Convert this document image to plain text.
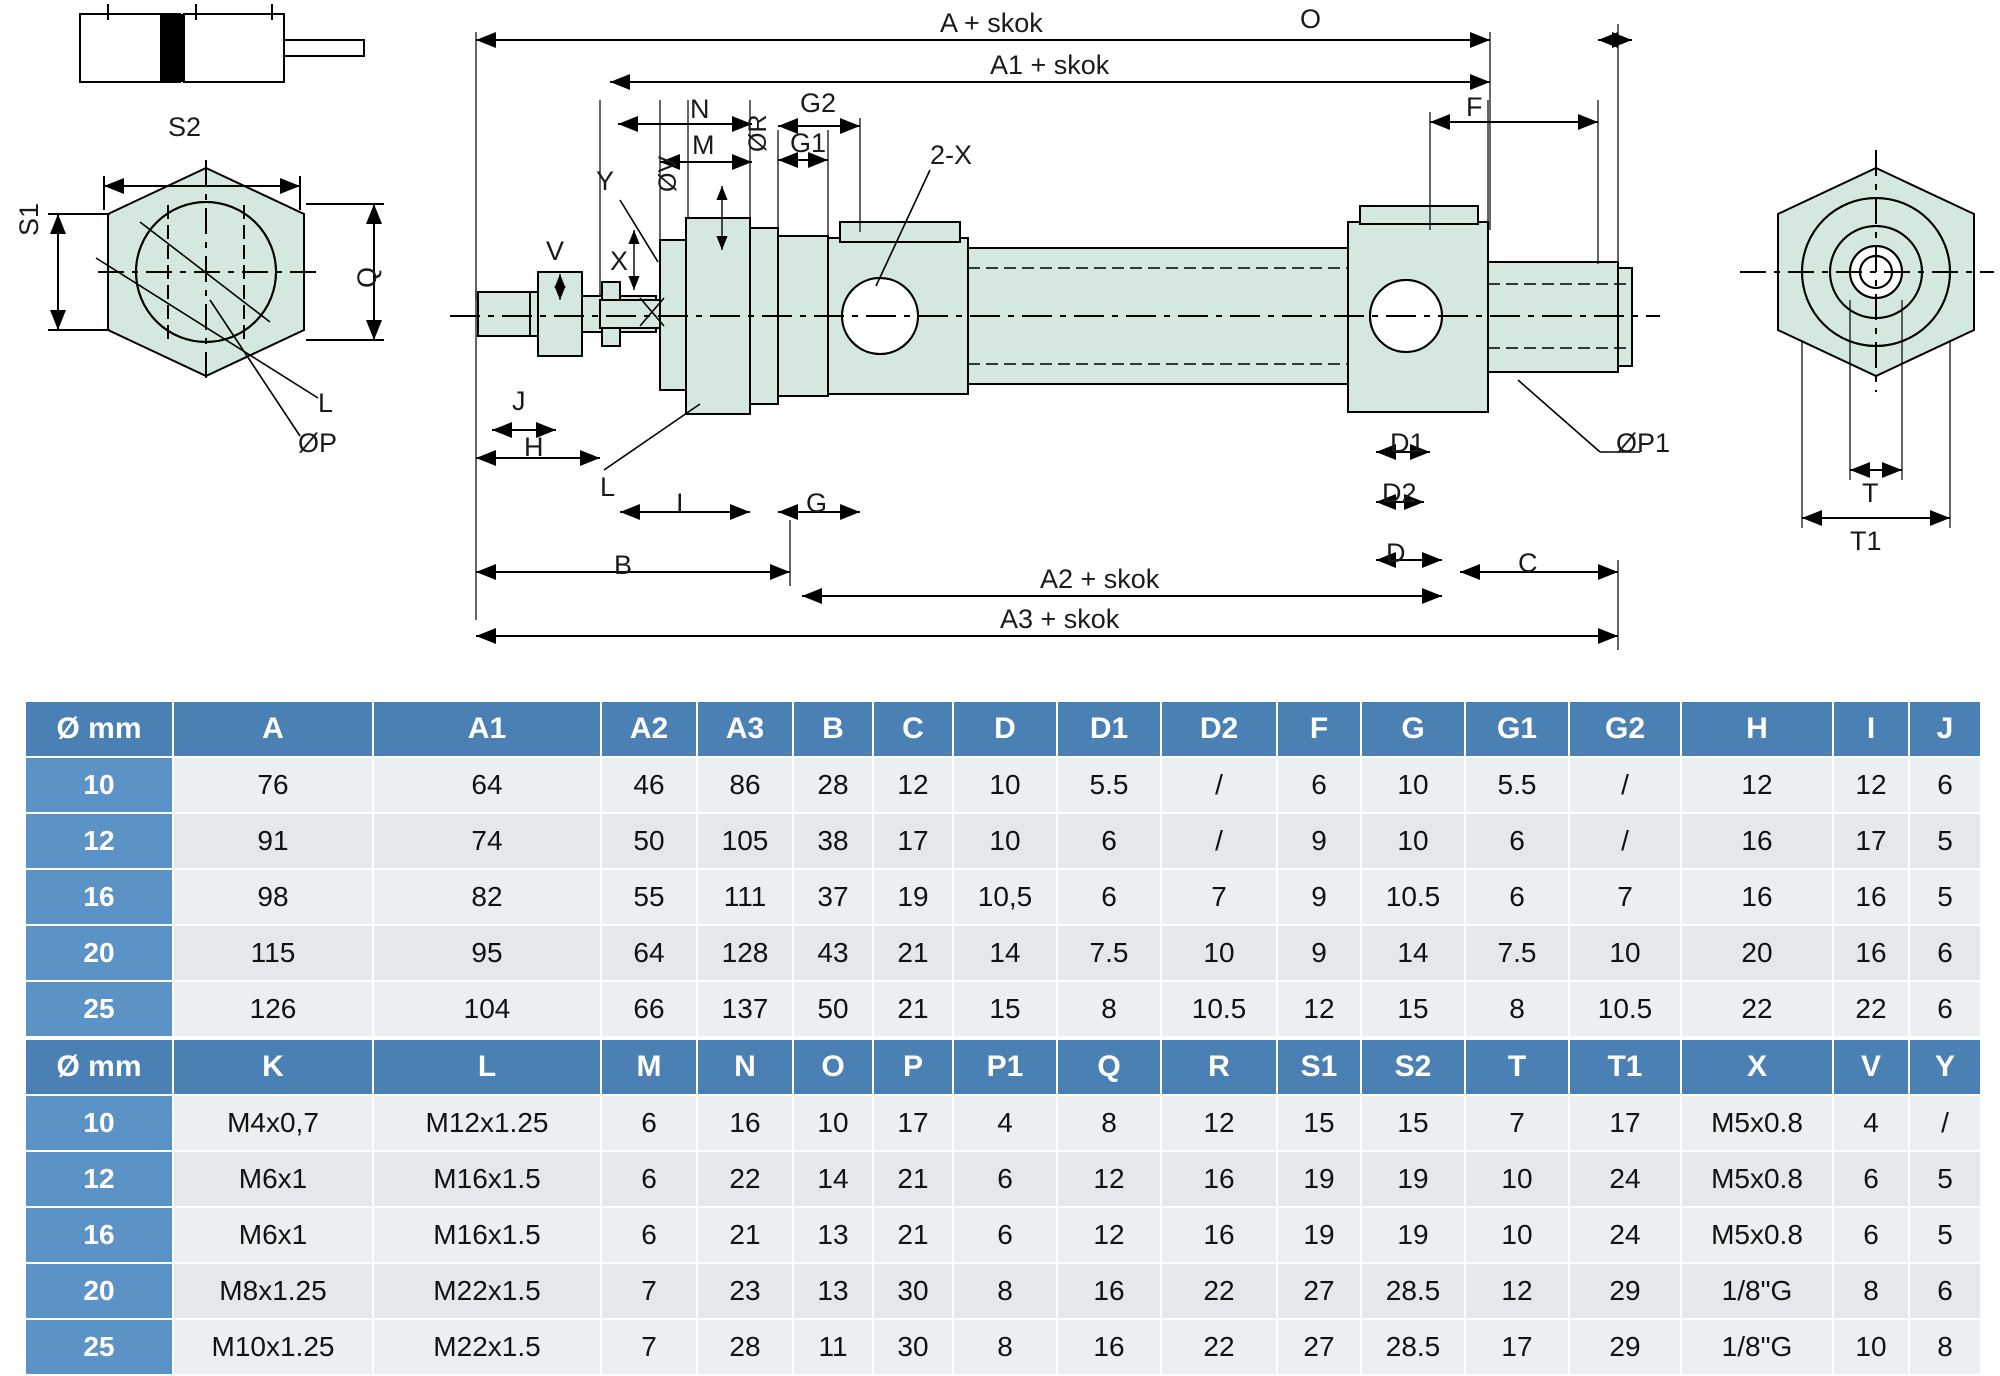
A + skok
A1 + skok
A2 + skok
A3 + skok
O
F
N
M	G1
G2
ØR
ØV
V X
Y
2-X
J
H
L
I	G
B	C
D
D2
D1	ØP1
S2
S1
Q
ØP
L
T
T1
Ø mm	A	A1	A2	A3	B	C	D	D1	D2	F	G	G1	G2	H	I	J
10	76	64	46	86	28	12	10	5.5	/	6	10	5.5	/	12	12	6
12	91	74	50	105	38	17	10	6	/	9	10	6	/	16	17	5
16	98	82	55	111	37	19	10,5	6	7	9	10.5	6	7	16	16	5
20	115	95	64	128	43	21	14	7.5	10	9	14	7.5	10	20	16	6
25	126	104	66	137	50	21	15	8	10.5	12	15	8	10.5	22	22	6
Ø mm	K	L	M	N	O	P	P1	Q	R	S1	S2	T	T1	X	V	Y
10	M4x0,7	M12x1.25	6	16	10	17	4	8	12	15	15	7	17	M5x0.8	4	/
12	M6x1	M16x1.5	6	22	14	21	6	12	16	19	19	10	24	M5x0.8	6	5
16	M6x1	M16x1.5	6	21	13	21	6	12	16	19	19	10	24	M5x0.8	6	5
20	M8x1.25	M22x1.5	7	23	13	30	8	16	22	27	28.5	12	29	1/8"G	8	6
25	M10x1.25	M22x1.5	7	28	11	30	8	16	22	27	28.5	17	29	1/8"G	10	8
